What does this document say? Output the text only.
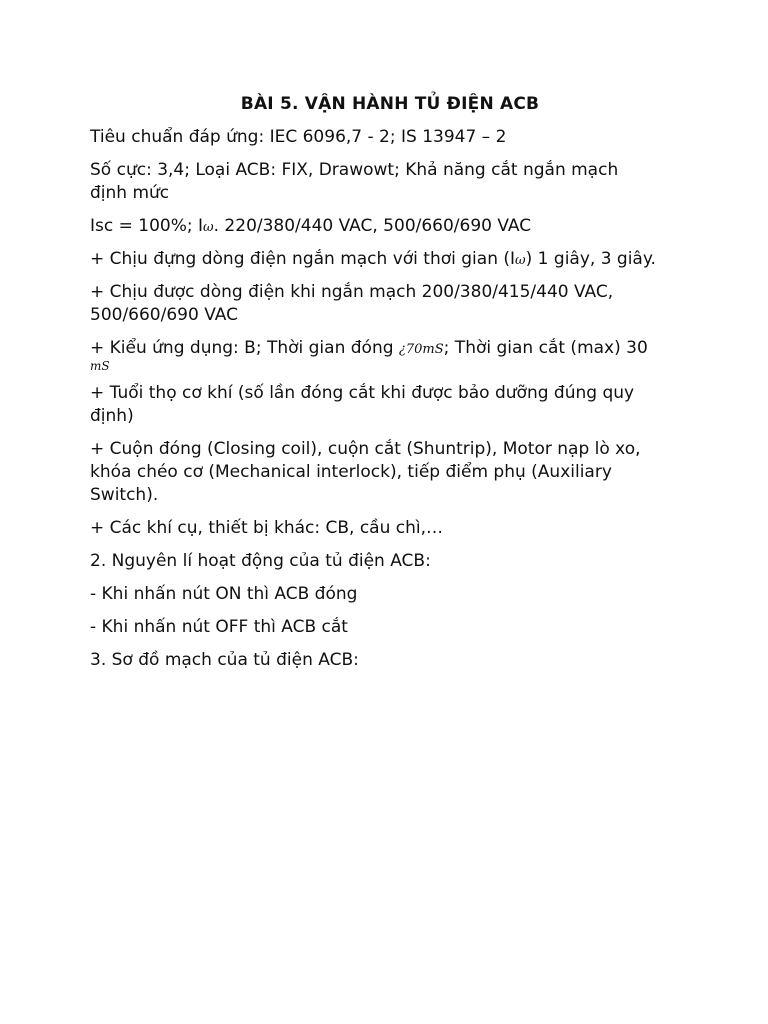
BÀI 5. VẬN HÀNH TỦ ĐIỆN ACB
Tiêu chuẩn đáp ứng: IEC 6096,7 - 2; IS 13947 – 2
Số cực: 3,4; Loại ACB: FIX, Drawowt; Khả năng cắt ngắn mạch
định mức
Isc = 100%; Iω. 220/380/440 VAC, 500/660/690 VAC
+ Chịu đựng dòng điện ngắn mạch với thơi gian (Iω) 1 giây, 3 giây.
+ Chịu được dòng điện khi ngắn mạch 200/380/415/440 VAC,
500/660/690 VAC
+ Kiểu ứng dụng: B; Thời gian đóng ¿70mS; Thời gian cắt (max) 30
mS
+ Tuổi thọ cơ khí (số lần đóng cắt khi được bảo dưỡng đúng quy
định)
+ Cuộn đóng (Closing coil), cuộn cắt (Shuntrip), Motor nạp lò xo,
khóa chéo cơ (Mechanical interlock), tiếp điểm phụ (Auxiliary
Switch).
+ Các khí cụ, thiết bị khác: CB, cầu chì,…
2. Nguyên lí hoạt động của tủ điện ACB:
- Khi nhấn nút ON thì ACB đóng
- Khi nhấn nút OFF thì ACB cắt
3. Sơ đồ mạch của tủ điện ACB:
